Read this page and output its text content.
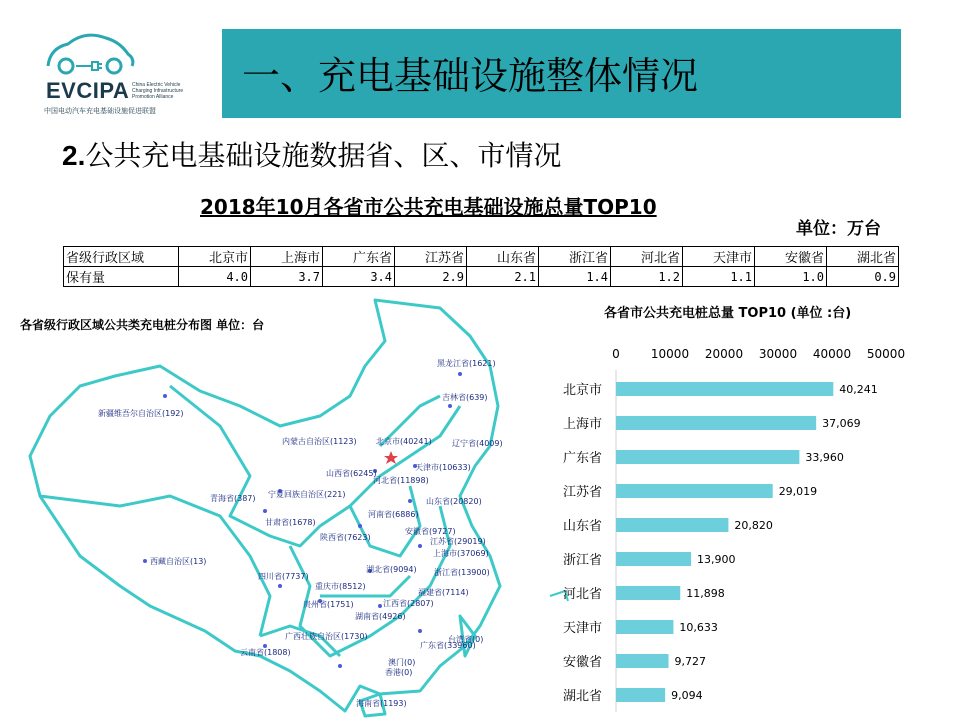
EVCIPA China Electric Vehicle Charging Infrastructure Promotion Alliance
中国电动汽车充电基础设施促进联盟
一、充电基础设施整体情况
2.公共充电基础设施数据省、区、市情况
2018年10月各省市公共充电基础设施总量TOP10
单位：万台
省级行政区域	北京市	上海市	广东省	江苏省	山东省	浙江省	河北省	天津市	安徽省	湖北省
保有量	4.0	3.7	3.4	2.9	2.1	1.4	1.2	1.1	1.0	0.9
黑龙江省(1621)
吉林省(639)
辽宁省(4009)
北京市(40241)
天津市(10633)
内蒙古自治区(1123)
河北省(11898)
山西省(6245)
山东省(20820)
宁夏回族自治区(221)
新疆维吾尔自治区(192)
青海省(387)
甘肃省(1678)
陕西省(7623)
河南省(6886)
安徽省(9727)
江苏省(29019)
上海市(37069)
湖北省(9094) 浙江省(13900)
西藏自治区(13)
四川省(7737)
重庆市(8512)
贵州省(1751)
湖南省(4926)
江西省(2807)
福建省(7114)
台湾省(0)
广西壮族自治区(1730)
广东省(33960)
云南省(1808)
澳门(0)
香港(0)
海南省(1193)
各省级行政区域公共类充电桩分布图 单位：台
各省市公共充电桩总量 TOP10 (单位 :台)
0	10000 20000 30000 40000 50000
北京市	40,241
上海市	37,069
广东省	33,960
江苏省	29,019
山东省	20,820
浙江省	13,900
河北省	11,898
天津市	10,633
安徽省	9,727
湖北省	9,094
